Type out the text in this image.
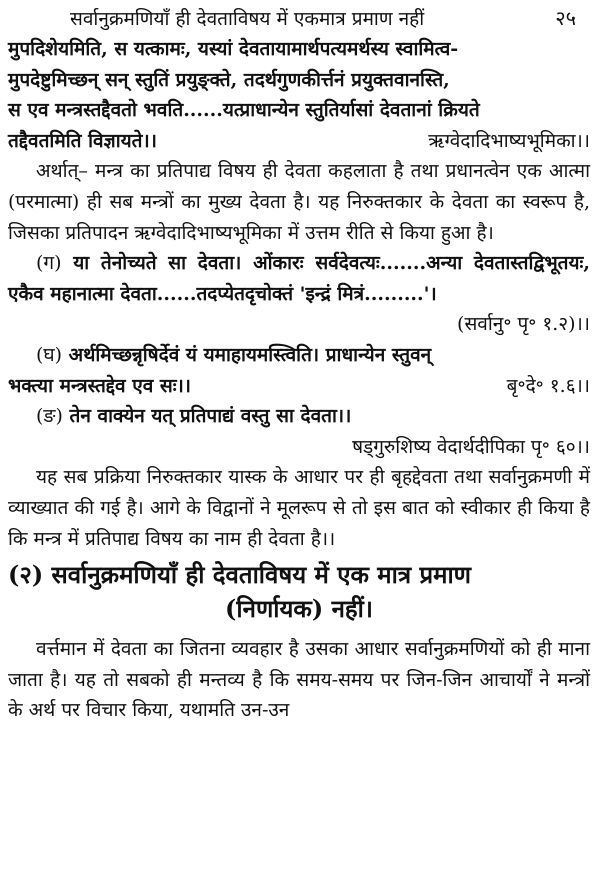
सर्वानुक्रमणियाँ ही देवताविषय में एकमात्र प्रमाण नहीं	२५

मुपदिशेयमिति, स यत्कामः, यस्यां देवतायामार्थपत्यमर्थस्य स्वामित्व-

मुपदेष्टुमिच्छन् सन् स्तुतिं प्रयुङ्क्ते, तदर्थगुणकीर्त्तनं प्रयुक्तवानस्ति,

स एव मन्त्रस्तद्दैवतो भवति......यत्प्राधान्येन स्तुतिर्यासां देवतानां क्रियते

तद्दैवतमिति विज्ञायते।।	ऋग्वेदादिभाष्यभूमिका।।

अर्थात्– मन्त्र का प्रतिपाद्य विषय ही देवता कहलाता है तथा प्रधानत्वेन एक आत्मा (परमात्मा) ही सब मन्त्रों का मुख्य देवता है। यह निरुक्तकार के देवता का स्वरूप है, जिसका प्रतिपादन ऋग्वेदादिभाष्यभूमिका में उत्तम रीति से किया हुआ है।

(ग) या तेनोच्यते सा देवता। ओंकारः सर्वदेवत्यः.......अन्या देवतास्तद्विभूतयः, एकैव महानात्मा देवता......तदप्येतदृचोक्तं 'इन्द्रं मित्रं.........'।

(सर्वानु॰ पृ॰ १.२)।।

(घ) अर्थमिच्छन्नृषिर्देवं यं यमाहायमस्त्विति। प्राधान्येन स्तुवन्

भक्त्या मन्त्रस्तद्देव एव सः।।	बृ॰दे॰ १.६।।

(ङ) तेन वाक्येन यत् प्रतिपाद्यं वस्तु सा देवता।।

षड्गुरुशिष्य वेदार्थदीपिका पृ॰ ६०।।

यह सब प्रक्रिया निरुक्तकार यास्क के आधार पर ही बृहद्देवता तथा सर्वानुक्रमणी में व्याख्यात की गई है। आगे के विद्वानों ने मूलरूप से तो इस बात को स्वीकार ही किया है कि मन्त्र में प्रतिपाद्य विषय का नाम ही देवता है।।

(२) सर्वानुक्रमणियाँ ही देवताविषय में एक मात्र प्रमाण

(निर्णायक) नहीं।

वर्त्तमान में देवता का जितना व्यवहार है उसका आधार सर्वानुक्रमणियों को ही माना जाता है। यह तो सबको ही मन्तव्य है कि समय-समय पर जिन-जिन आचार्यों ने मन्त्रों के अर्थ पर विचार किया, यथामति उन-उन
